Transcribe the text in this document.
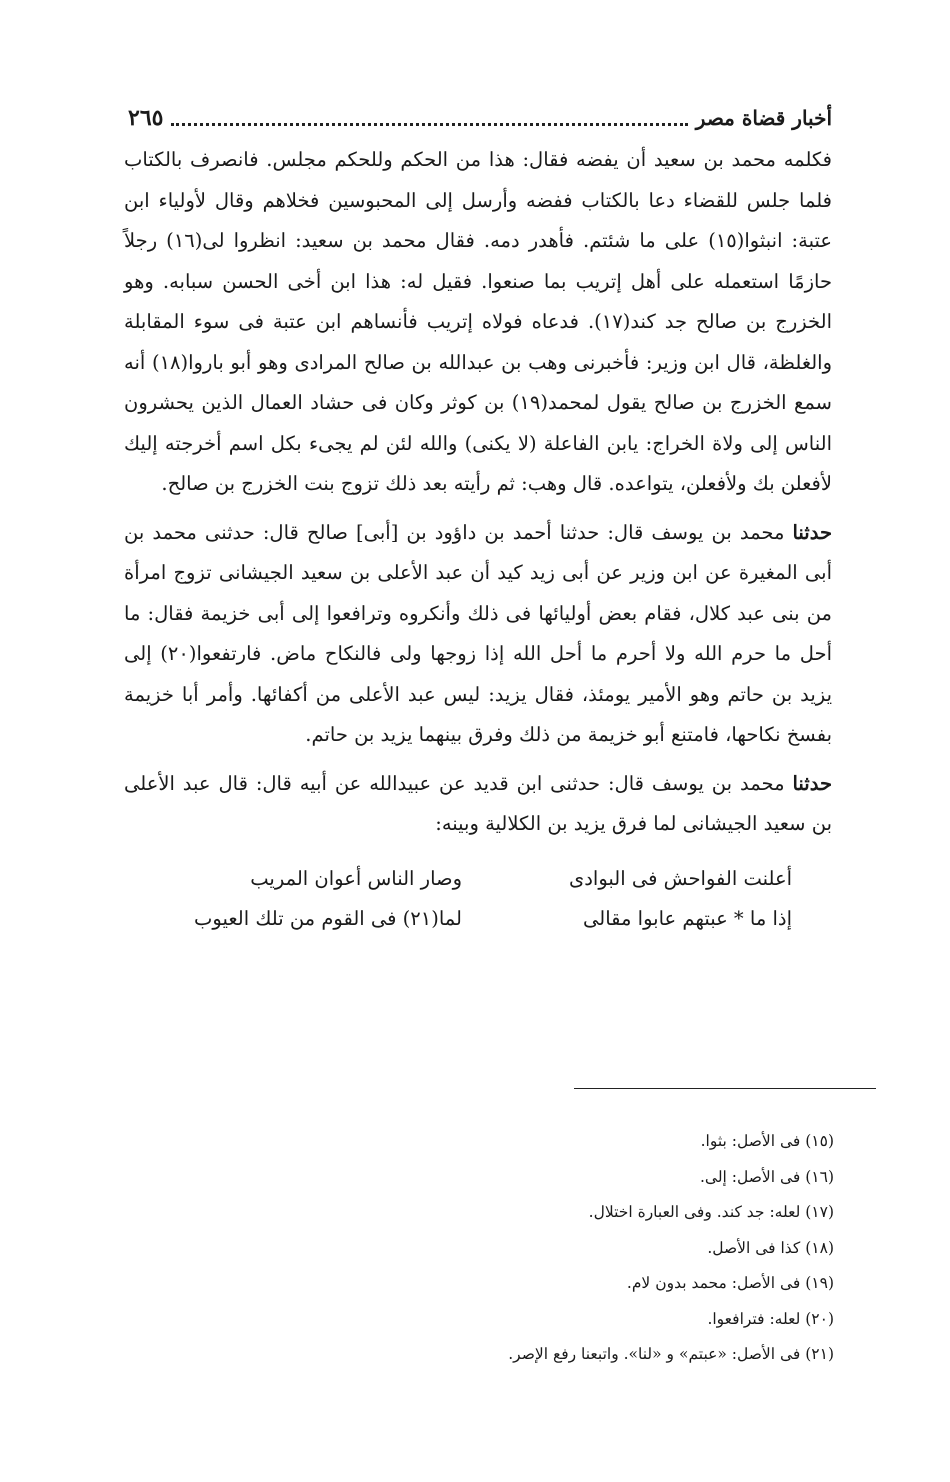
أخبار قضاة مصر
٢٦٥

فكلمه محمد بن سعيد أن يفضه فقال: هذا من الحكم وللحكم مجلس. فانصرف بالكتاب فلما جلس للقضاء دعا بالكتاب ففضه وأرسل إلى المحبوسين فخلاهم وقال لأولياء ابن عتبة: انبثوا(١٥) على ما شئتم. فأهدر دمه. فقال محمد بن سعيد: انظروا لى(١٦) رجلاً حازمًا استعمله على أهل إتريب بما صنعوا. فقيل له: هذا ابن أخى الحسن سبابه. وهو الخزرج بن صالح جد كند(١٧). فدعاه فولاه إتريب فأنساهم ابن عتبة فى سوء المقابلة والغلظة، قال ابن وزير: فأخبرنى وهب بن عبدالله بن صالح المرادى وهو أبو باروا(١٨) أنه سمع الخزرج بن صالح يقول لمحمد(١٩) بن كوثر وكان فى حشاد العمال الذين يحشرون الناس إلى ولاة الخراج: يابن الفاعلة (لا يكنى) والله لئن لم يجىء بكل اسم أخرجته إليك لأفعلن بك ولأفعلن، يتواعده. قال وهب: ثم رأيته بعد ذلك تزوج بنت الخزرج بن صالح.

حدثنا محمد بن يوسف قال: حدثنا أحمد بن داؤود بن [أبى] صالح قال: حدثنى محمد بن أبى المغيرة عن ابن وزير عن أبى زيد كيد أن عبد الأعلى بن سعيد الجيشانى تزوج امرأة من بنى عبد كلال، فقام بعض أوليائها فى ذلك وأنكروه وترافعوا إلى أبى خزيمة فقال: ما أحل ما حرم الله ولا أحرم ما أحل الله إذا زوجها ولى فالنكاح ماض. فارتفعوا(٢٠) إلى يزيد بن حاتم وهو الأمير يومئذ، فقال يزيد: ليس عبد الأعلى من أكفائها. وأمر أبا خزيمة بفسخ نكاحها، فامتنع أبو خزيمة من ذلك وفرق بينهما يزيد بن حاتم.

حدثنا محمد بن يوسف قال: حدثنى ابن قديد عن عبيدالله عن أبيه قال: قال عبد الأعلى بن سعيد الجيشانى لما فرق يزيد بن الكلالية وبينه:

أعلنت الفواحش فى البوادى
وصار الناس أعوان المريب
إذا ما * عبتهم عابوا مقالى
لما(٢١) فى القوم من تلك العيوب

(١٥) فى الأصل: بثوا.

(١٦) فى الأصل: إلى.

(١٧) لعله: جد كند. وفى العبارة اختلال.

(١٨) كذا فى الأصل.

(١٩) فى الأصل: محمد بدون لام.

(٢٠) لعله: فترافعوا.

(٢١) فى الأصل: «عبتم» و «لنا». واتبعنا رفع الإصر.
